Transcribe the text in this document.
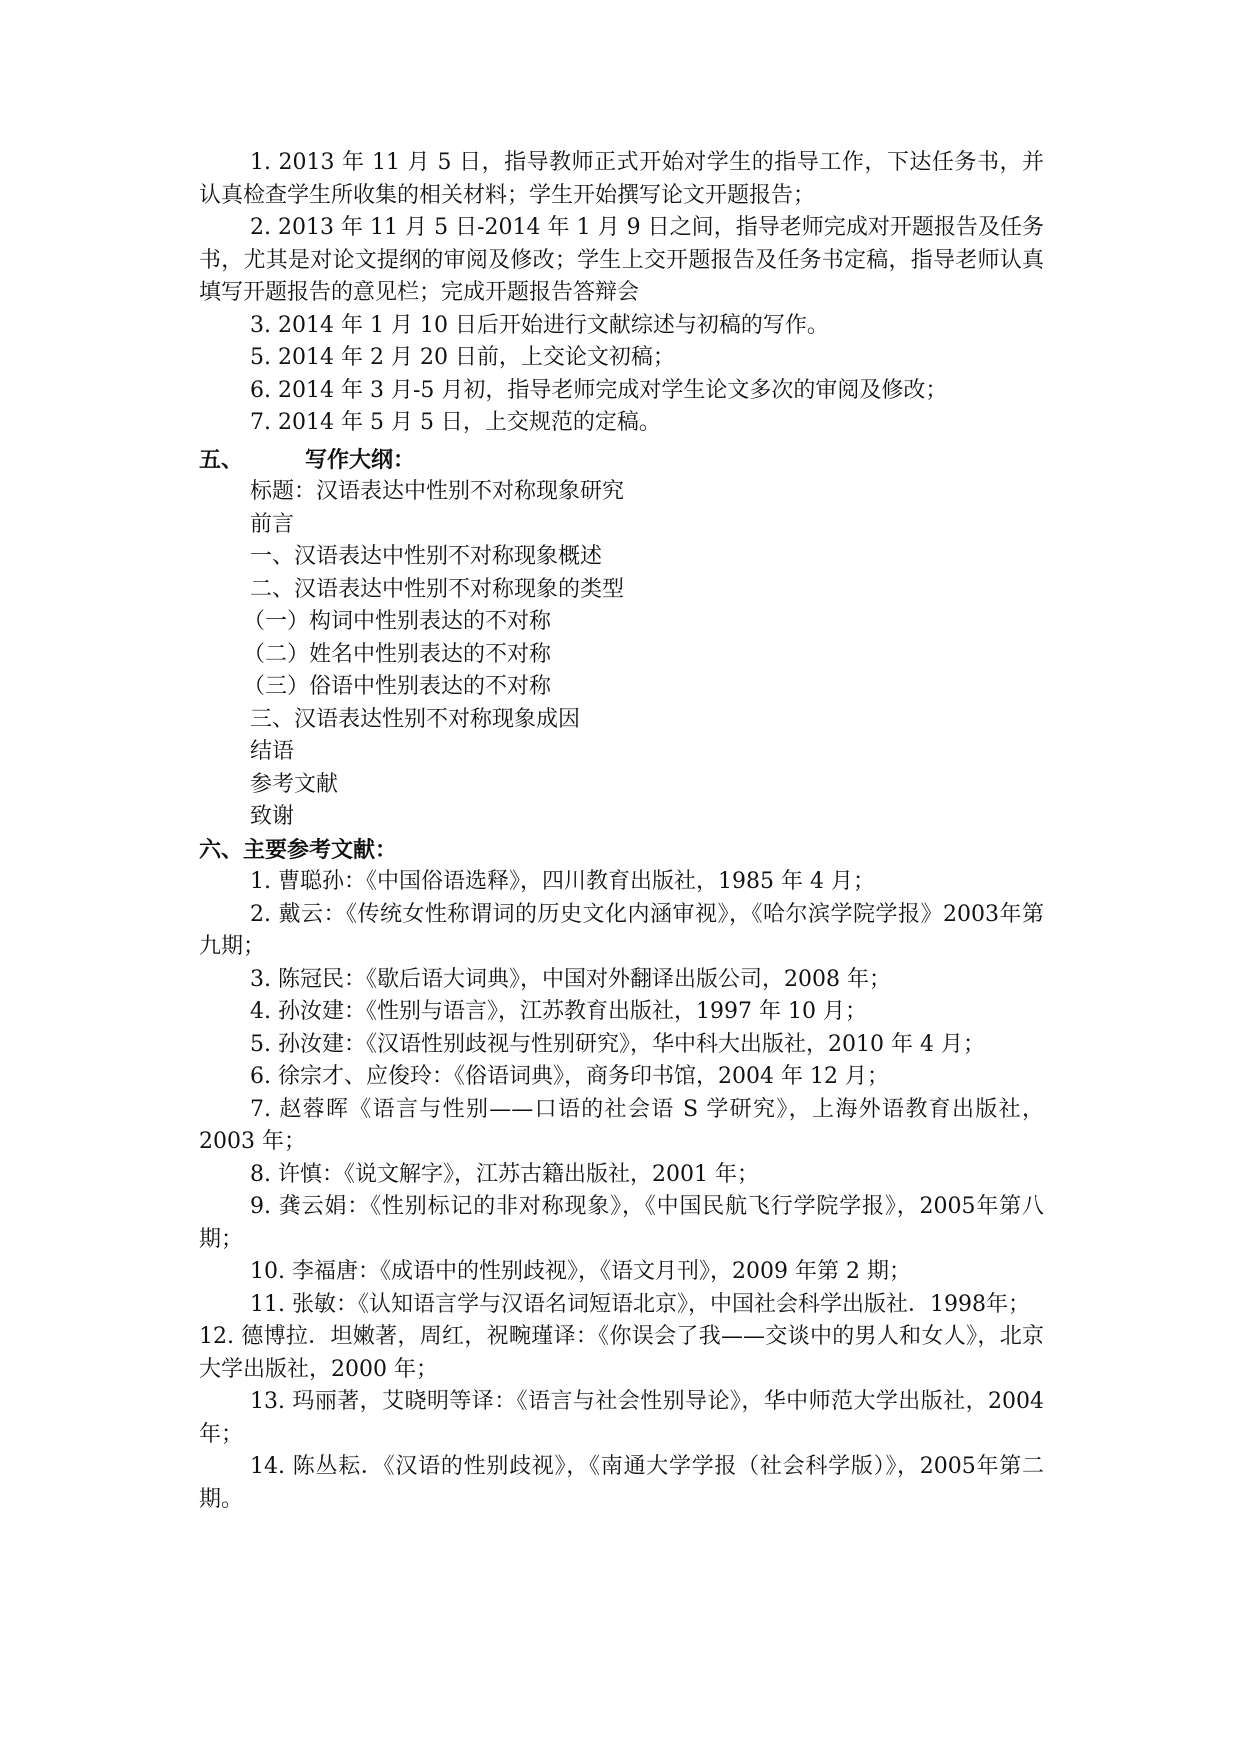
1. 2013 年 11 月 5 日，指导教师正式开始对学生的指导工作，下达任务书，并认真检查学生所收集的相关材料；学生开始撰写论文开题报告；

2. 2013 年 11 月 5 日-2014 年 1 月 9 日之间，指导老师完成对开题报告及任务书，尤其是对论文提纲的审阅及修改；学生上交开题报告及任务书定稿，指导老师认真填写开题报告的意见栏；完成开题报告答辩会

3. 2014 年 1 月 10 日后开始进行文献综述与初稿的写作。

5. 2014 年 2 月 20 日前，上交论文初稿；

6. 2014 年 3 月-5 月初，指导老师完成对学生论文多次的审阅及修改；

7. 2014 年 5 月 5 日，上交规范的定稿。

五、	写作大纲：

标题：汉语表达中性别不对称现象研究

前言

一、汉语表达中性别不对称现象概述

二、汉语表达中性别不对称现象的类型

（一）构词中性别表达的不对称

（二）姓名中性别表达的不对称

（三）俗语中性别表达的不对称

三、汉语表达性别不对称现象成因

结语

参考文献

致谢

六、主要参考文献：

1. 曹聪孙：《中国俗语选释》，四川教育出版社，1985 年 4 月；

2. 戴云：《传统女性称谓词的历史文化内涵审视》，《哈尔滨学院学报》2003年第九期；

3. 陈冠民：《歇后语大词典》，中国对外翻译出版公司，2008 年；

4. 孙汝建：《性别与语言》，江苏教育出版社，1997 年 10 月；

5. 孙汝建：《汉语性别歧视与性别研究》，华中科大出版社，2010 年 4 月；

6. 徐宗才、应俊玲：《俗语词典》，商务印书馆，2004 年 12 月；

7. 赵蓉晖《语言与性别——口语的社会语 S 学研究》，上海外语教育出版社，2003 年；

8. 许慎：《说文解字》，江苏古籍出版社，2001 年；

9. 龚云娟：《性别标记的非对称现象》，《中国民航飞行学院学报》，2005年第八期；

10. 李福唐：《成语中的性别歧视》，《语文月刊》，2009 年第 2 期；

11. 张敏：《认知语言学与汉语名词短语北京》，中国社会科学出版社．1998年；

12. 德博拉．坦嫩著，周红，祝畹瑾译：《你误会了我——交谈中的男人和女人》，北京大学出版社，2000 年；

13. 玛丽著，艾晓明等译：《语言与社会性别导论》，华中师范大学出版社，2004年；

14. 陈丛耘．《汉语的性别歧视》，《南通大学学报（社会科学版）》，2005年第二期。
